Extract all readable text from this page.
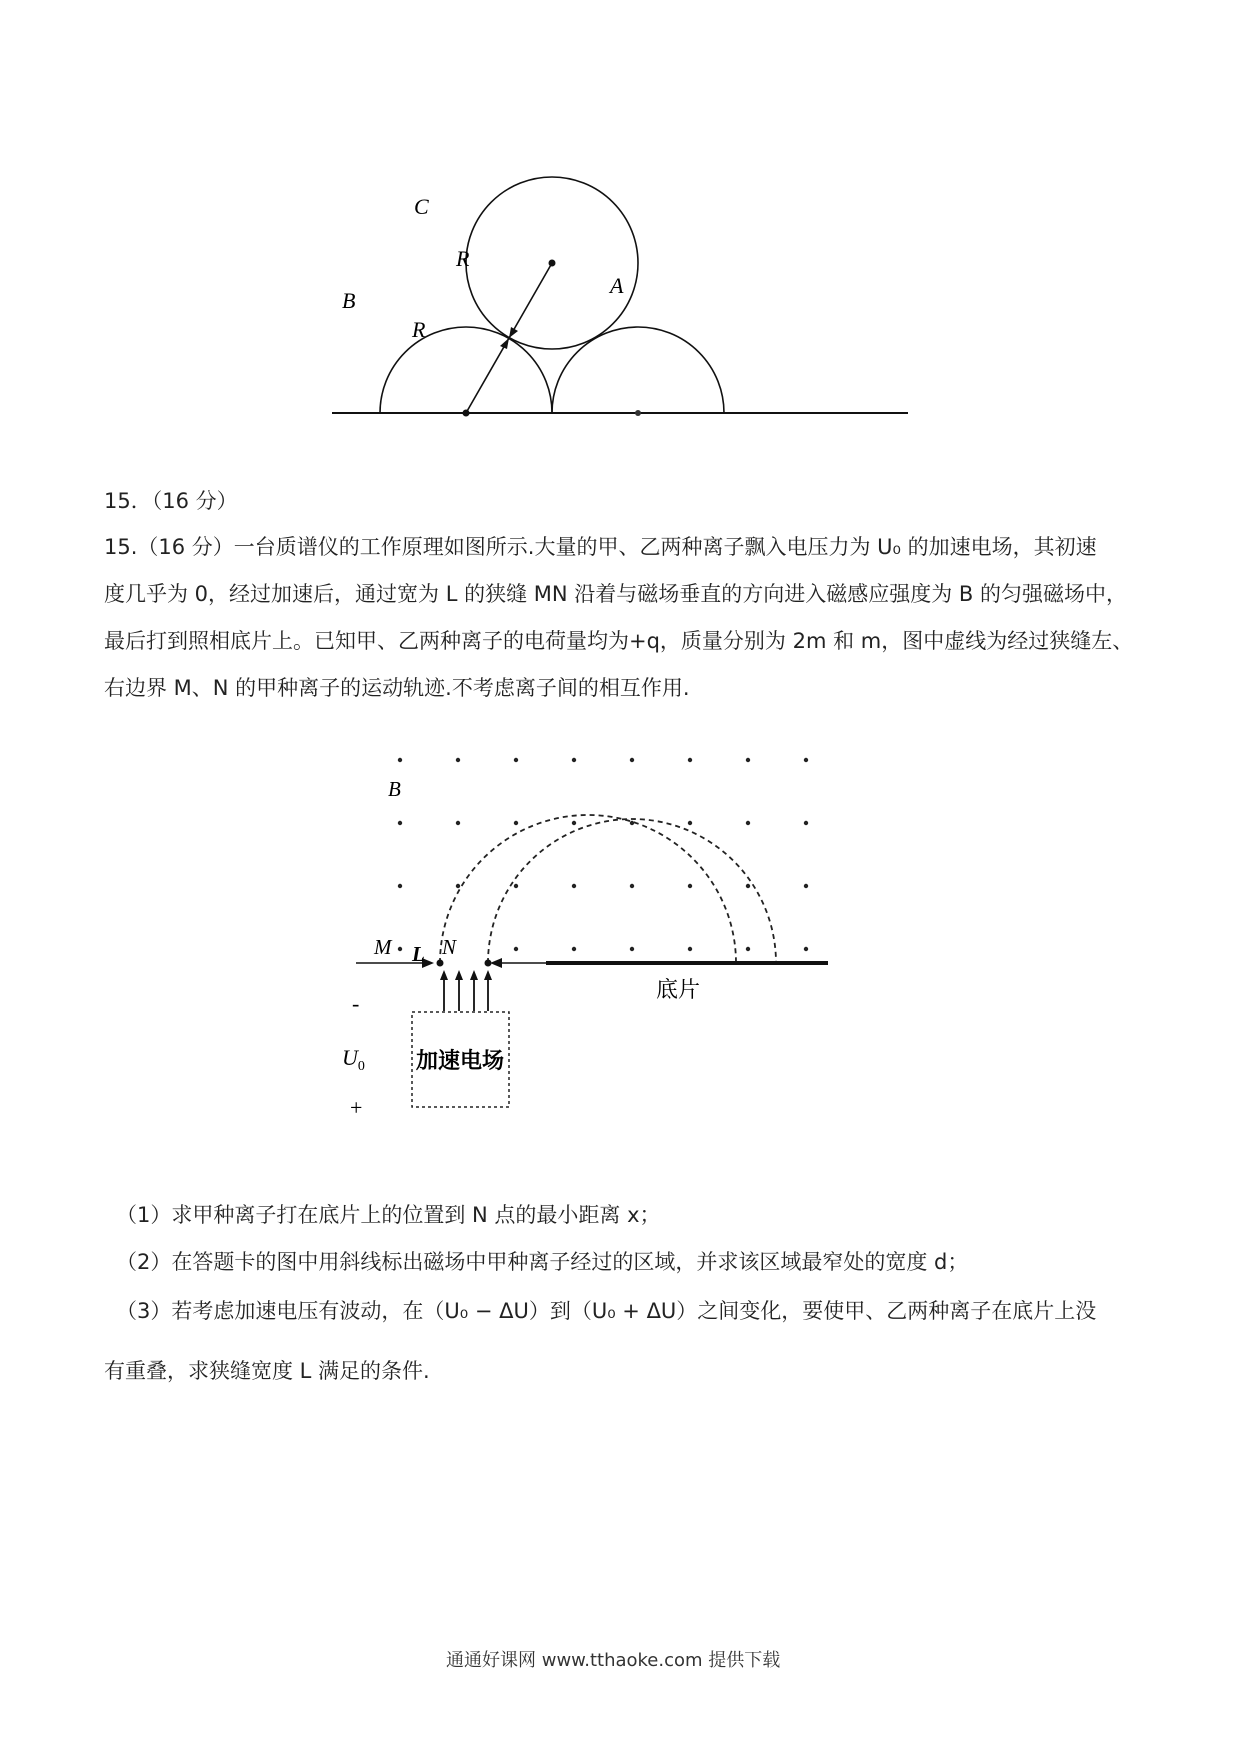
C
B
A
R
R
15．（16 分）
15.（16 分）一台质谱仪的工作原理如图所示.大量的甲、乙两种离子飘入电压力为 U₀ 的加速电场，其初速
度几乎为 0，经过加速后，通过宽为 L 的狭缝 MN 沿着与磁场垂直的方向进入磁感应强度为 B 的匀强磁场中，
最后打到照相底片上。已知甲、乙两种离子的电荷量均为+q，质量分别为 2m 和 m，图中虚线为经过狭缝左、
右边界 M、N 的甲种离子的运动轨迹.不考虑离子间的相互作用.
B
M L N
底片
-
+
$U_0$ 加速电场
（1）求甲种离子打在底片上的位置到 N 点的最小距离 x；
（2）在答题卡的图中用斜线标出磁场中甲种离子经过的区域，并求该区域最窄处的宽度 d；
（3）若考虑加速电压有波动，在（U₀ − ΔU）到（U₀ + ΔU）之间变化，要使甲、乙两种离子在底片上没
有重叠，求狭缝宽度 L 满足的条件.
通通好课网 www.tthaoke.com 提供下载
